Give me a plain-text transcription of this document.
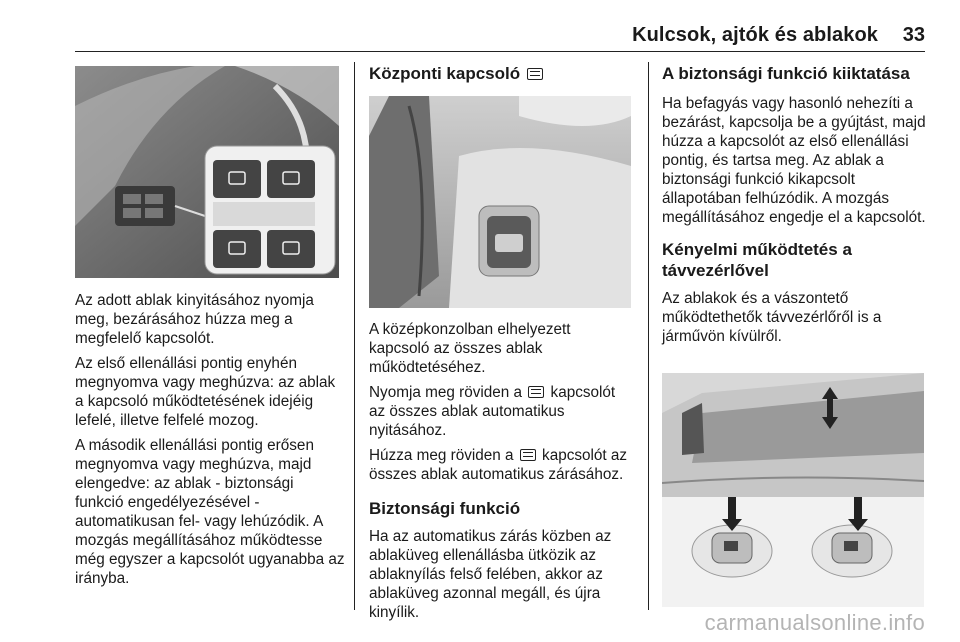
Kulcsok, ajtók és ablakok 33

Az adott ablak kinyitásához nyomja meg, bezárásához húzza meg a megfelelő kapcsolót.

Az első ellenállási pontig enyhén megnyomva vagy meghúzva: az ablak a kapcsoló működtetésének idejéig lefelé, illetve felfelé mozog.

A második ellenállási pontig erősen megnyomva vagy meghúzva, majd elengedve: az ablak - biztonsági funkció engedélyezésével - automatikusan fel- vagy lehúzódik. A mozgás megállításához működtesse még egyszer a kapcsolót ugyanabba az irányba.

Központi kapcsoló

A középkonzolban elhelyezett kapcsoló az összes ablak működtetéséhez.

Nyomja meg röviden a kapcsolót az összes ablak automatikus nyitásához.

Húzza meg röviden a kapcsolót az összes ablak automatikus zárásához.

Biztonsági funkció

Ha az automatikus zárás közben az ablaküveg ellenállásba ütközik az ablaknyílás felső felében, akkor az ablaküveg azonnal megáll, és újra kinyílik.

A biztonsági funkció kiiktatása

Ha befagyás vagy hasonló nehezíti a bezárást, kapcsolja be a gyújtást, majd húzza a kapcsolót az első ellenállási pontig, és tartsa meg. Az ablak a biztonsági funkció kikapcsolt állapotában felhúzódik. A mozgás megállításához engedje el a kapcsolót.

Kényelmi működtetés a távvezérlővel

Az ablakok és a vászontető működtethetők távvezérlőről is a járművön kívülről.

carmanualsonline.info
